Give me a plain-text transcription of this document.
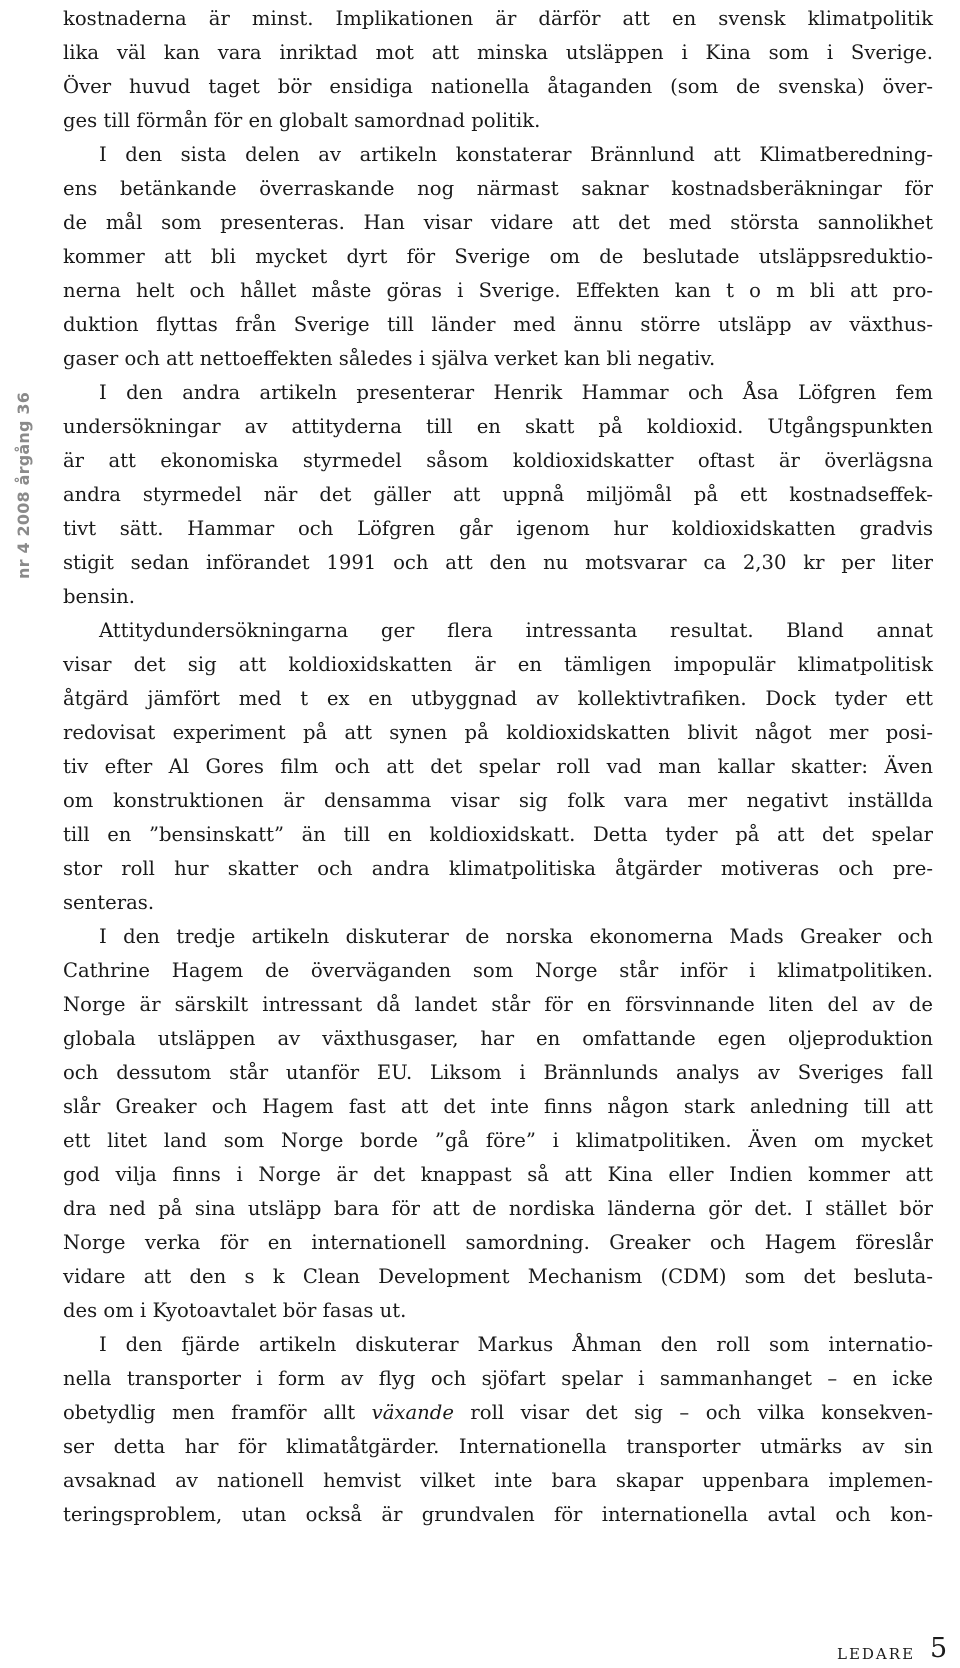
nr 4 2008 årgång 36
kostnaderna är minst. Implikationen är därför att en svensk klimatpolitik
lika väl kan vara inriktad mot att minska utsläppen i Kina som i Sverige.
Över huvud taget bör ensidiga nationella åtaganden (som de svenska) över-
ges till förmån för en globalt samordnad politik.
I den sista delen av artikeln konstaterar Brännlund att Klimatberedning-
ens betänkande överraskande nog närmast saknar kostnadsberäkningar för
de mål som presenteras. Han visar vidare att det med största sannolikhet
kommer att bli mycket dyrt för Sverige om de beslutade utsläppsreduktio-
nerna helt och hållet måste göras i Sverige. Effekten kan t o m bli att pro-
duktion flyttas från Sverige till länder med ännu större utsläpp av växthus-
gaser och att nettoeffekten således i själva verket kan bli negativ.
I den andra artikeln presenterar Henrik Hammar och Åsa Löfgren fem
undersökningar av attityderna till en skatt på koldioxid. Utgångspunkten
är att ekonomiska styrmedel såsom koldioxidskatter oftast är överlägsna
andra styrmedel när det gäller att uppnå miljömål på ett kostnadseffek-
tivt sätt. Hammar och Löfgren går igenom hur koldioxidskatten gradvis
stigit sedan införandet 1991 och att den nu motsvarar ca 2,30 kr per liter
bensin.
Attitydundersökningarna ger flera intressanta resultat. Bland annat
visar det sig att koldioxidskatten är en tämligen impopulär klimatpolitisk
åtgärd jämfört med t ex en utbyggnad av kollektivtrafiken. Dock tyder ett
redovisat experiment på att synen på koldioxidskatten blivit något mer posi-
tiv efter Al Gores film och att det spelar roll vad man kallar skatter: Även
om konstruktionen är densamma visar sig folk vara mer negativt inställda
till en ”bensinskatt” än till en koldioxidskatt. Detta tyder på att det spelar
stor roll hur skatter och andra klimatpolitiska åtgärder motiveras och pre-
senteras.
I den tredje artikeln diskuterar de norska ekonomerna Mads Greaker och
Cathrine Hagem de överväganden som Norge står inför i klimatpolitiken.
Norge är särskilt intressant då landet står för en försvinnande liten del av de
globala utsläppen av växthusgaser, har en omfattande egen oljeproduktion
och dessutom står utanför EU. Liksom i Brännlunds analys av Sveriges fall
slår Greaker och Hagem fast att det inte finns någon stark anledning till att
ett litet land som Norge borde ”gå före” i klimatpolitiken. Även om mycket
god vilja finns i Norge är det knappast så att Kina eller Indien kommer att
dra ned på sina utsläpp bara för att de nordiska länderna gör det. I stället bör
Norge verka för en internationell samordning. Greaker och Hagem föreslår
vidare att den s k Clean Development Mechanism (CDM) som det besluta-
des om i Kyotoavtalet bör fasas ut.
I den fjärde artikeln diskuterar Markus Åhman den roll som internatio-
nella transporter i form av flyg och sjöfart spelar i sammanhanget – en icke
obetydlig men framför allt växande roll visar det sig – och vilka konsekven-
ser detta har för klimatåtgärder. Internationella transporter utmärks av sin
avsaknad av nationell hemvist vilket inte bara skapar uppenbara implemen-
teringsproblem, utan också är grundvalen för internationella avtal och kon-
LEDARE 5
